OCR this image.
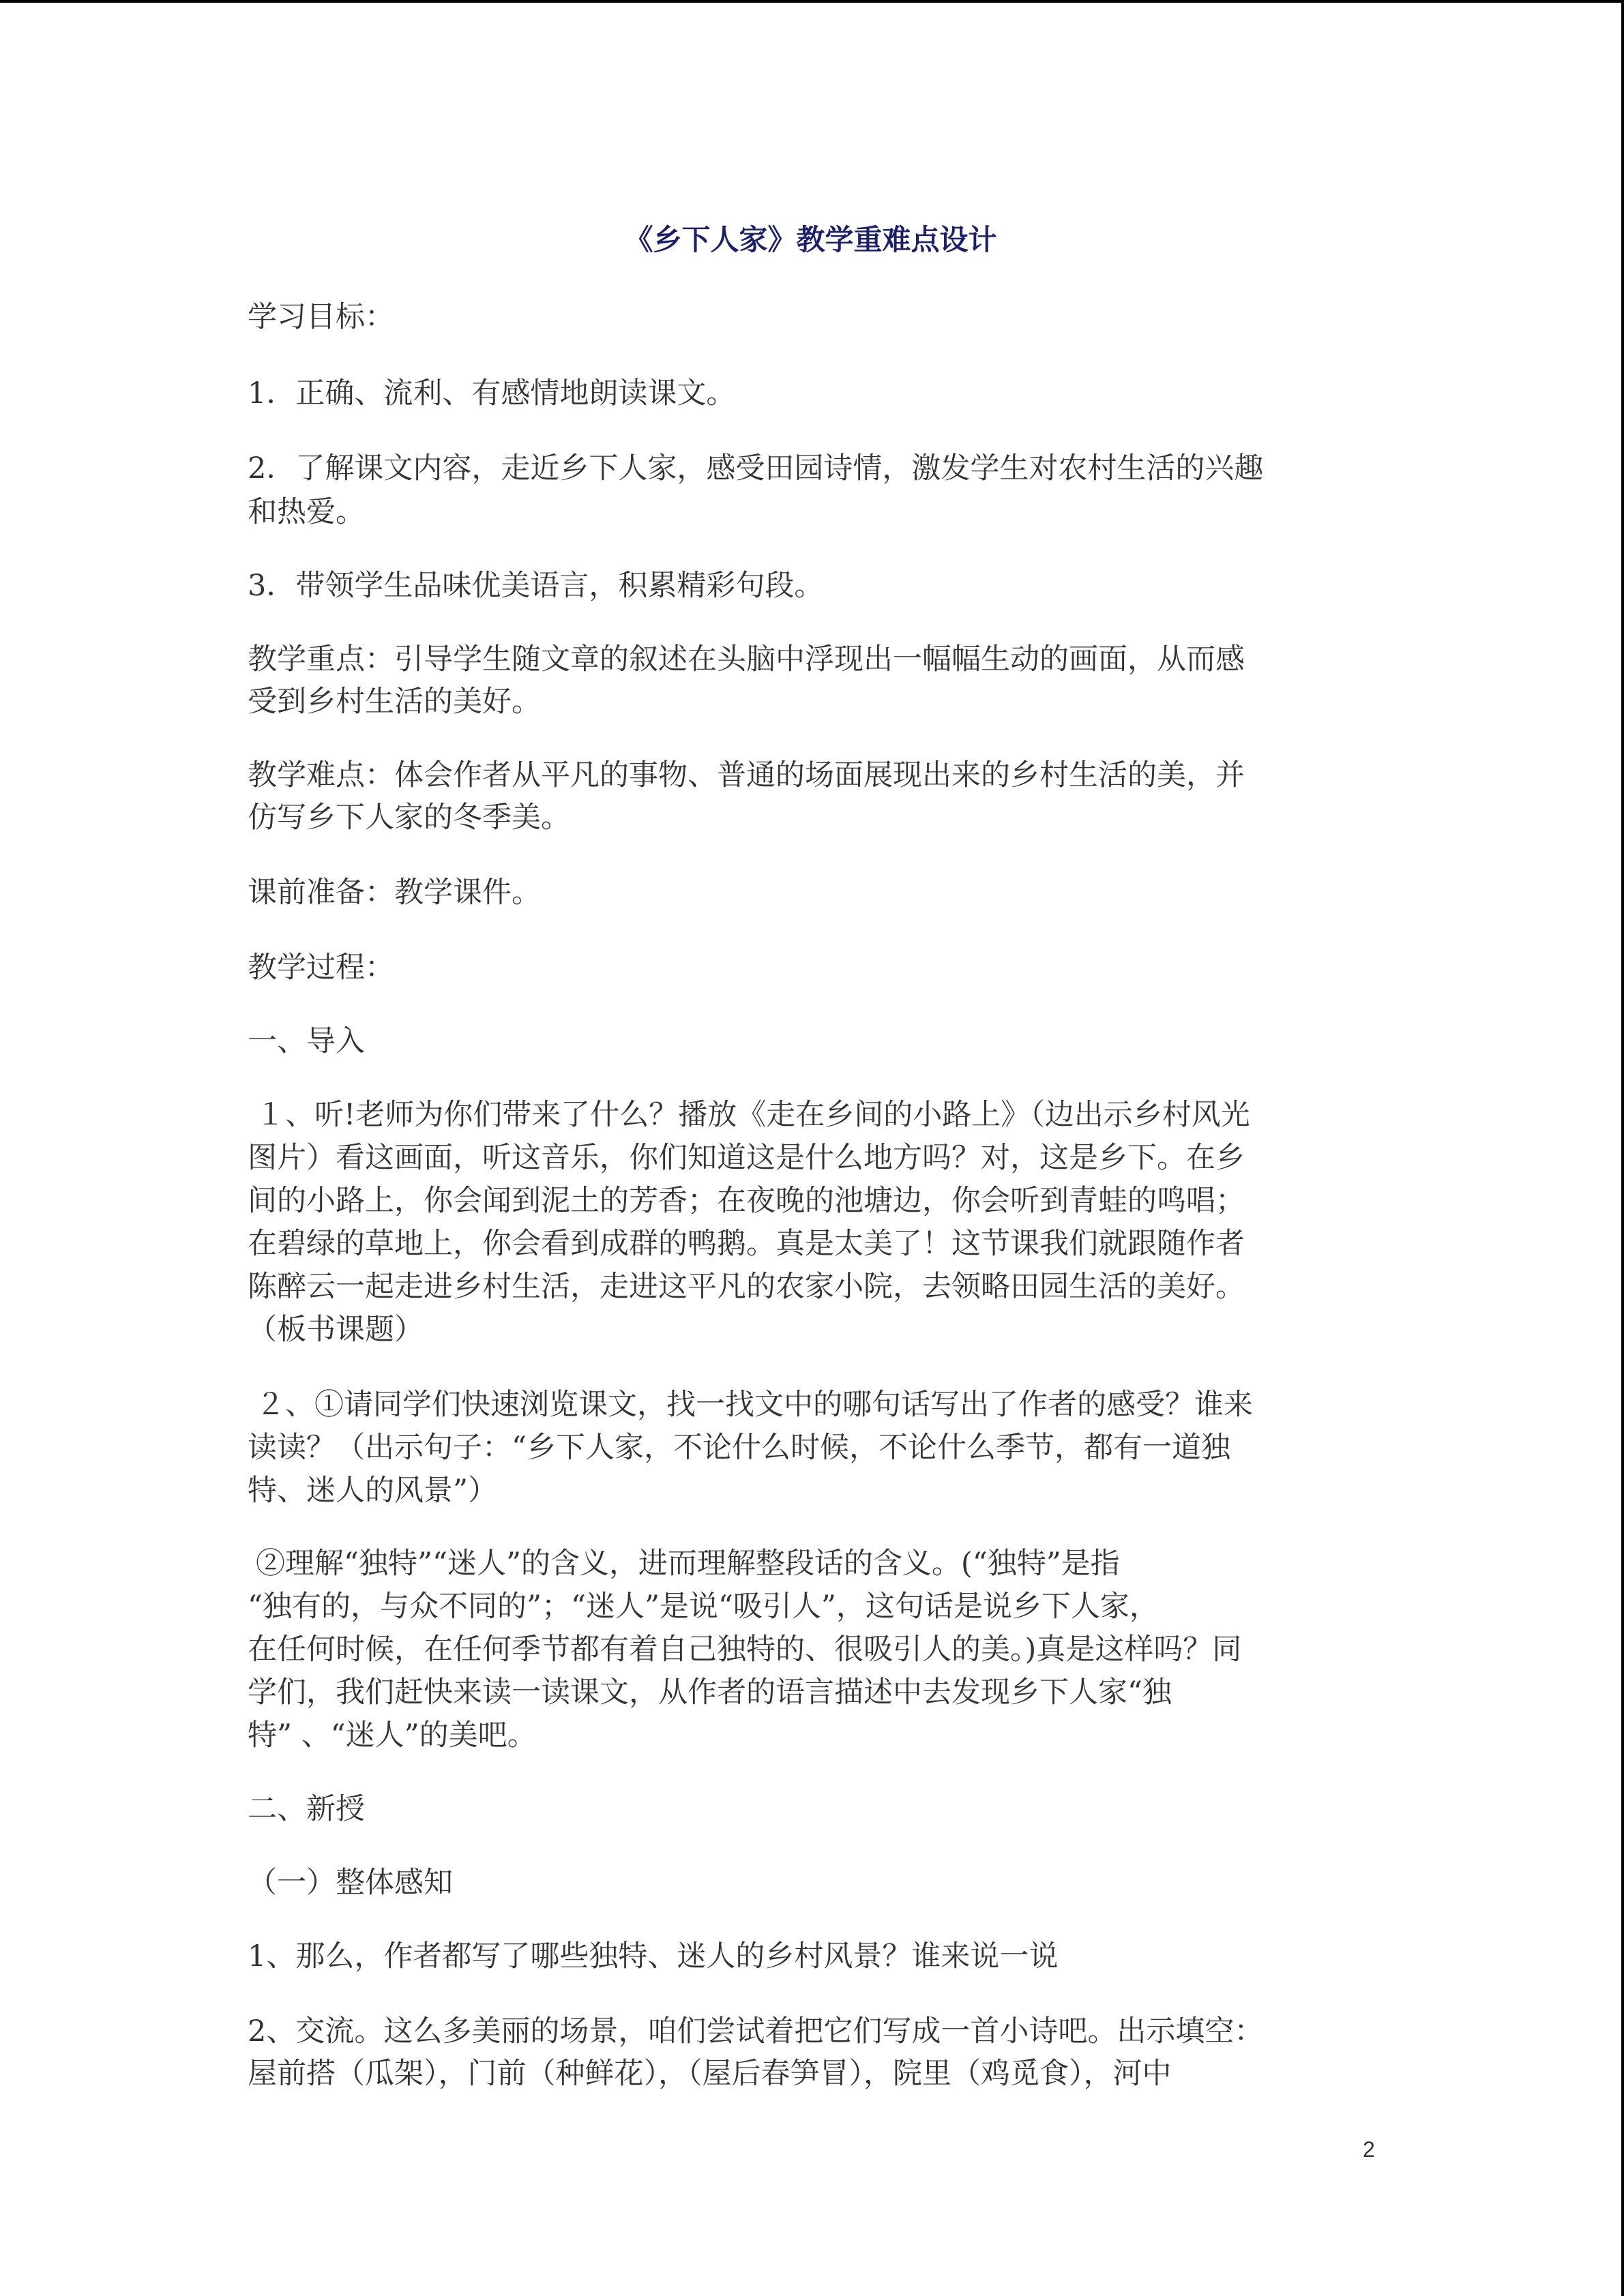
《乡下人家》教学重难点设计

学习目标：

1．正确、流利、有感情地朗读课文。

2．了解课文内容，走近乡下人家，感受田园诗情，激发学生对农村生活的兴趣

和热爱。

3．带领学生品味优美语言，积累精彩句段。

教学重点：引导学生随文章的叙述在头脑中浮现出一幅幅生动的画面，从而感

受到乡村生活的美好。

教学难点：体会作者从平凡的事物、普通的场面展现出来的乡村生活的美，并

仿写乡下人家的冬季美。

课前准备：教学课件。

教学过程：

一、导入

１、听!老师为你们带来了什么？播放《走在乡间的小路上》（边出示乡村风光

图片）看这画面，听这音乐，你们知道这是什么地方吗？对，这是乡下。在乡

间的小路上，你会闻到泥土的芳香；在夜晚的池塘边，你会听到青蛙的鸣唱；

在碧绿的草地上，你会看到成群的鸭鹅。真是太美了！这节课我们就跟随作者

陈醉云一起走进乡村生活，走进这平凡的农家小院，去领略田园生活的美好。

（板书课题）

２、①请同学们快速浏览课文，找一找文中的哪句话写出了作者的感受？谁来

读读？（出示句子：“乡下人家，不论什么时候，不论什么季节，都有一道独

特、迷人的风景”）

②理解“独特”“迷人”的含义，进而理解整段话的含义。(“独特”是指

“独有的，与众不同的”；“迷人”是说“吸引人”，这句话是说乡下人家，

在任何时候，在任何季节都有着自己独特的、很吸引人的美。)真是这样吗？同

学们，我们赶快来读一读课文，从作者的语言描述中去发现乡下人家“独

特” 、“迷人”的美吧。

二、新授

（一）整体感知

1、那么，作者都写了哪些独特、迷人的乡村风景？谁来说一说

2、交流。这么多美丽的场景，咱们尝试着把它们写成一首小诗吧。出示填空：

屋前搭（瓜架），门前（种鲜花），（屋后春笋冒），院里（鸡觅食），河中

2
